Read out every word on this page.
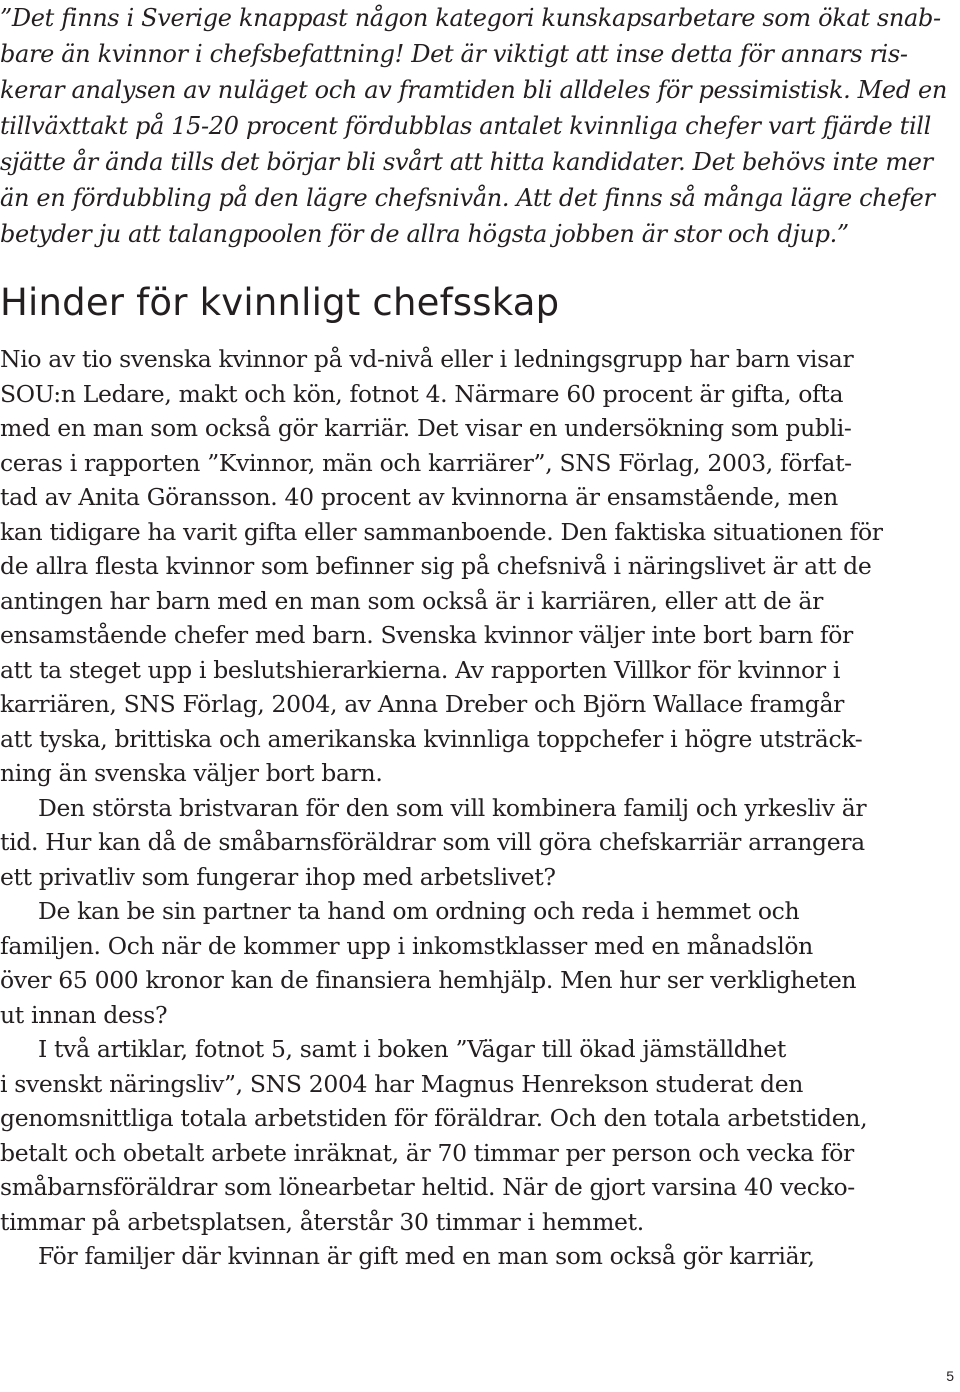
”Det finns i Sverige knappast någon kategori kunskapsarbetare som ökat snab-
bare än kvinnor i chefsbefattning! Det är viktigt att inse detta för annars ris-
kerar analysen av nuläget och av framtiden bli alldeles för pessimistisk. Med en
tillväxttakt på 15-20 procent fördubblas antalet kvinnliga chefer vart fjärde till
sjätte år ända tills det börjar bli svårt att hitta kandidater. Det behövs inte mer
än en fördubbling på den lägre chefsnivån. Att det finns så många lägre chefer
betyder ju att talangpoolen för de allra högsta jobben är stor och djup.”
Hinder för kvinnligt chefsskap
Nio av tio svenska kvinnor på vd-nivå eller i ledningsgrupp har barn visar
SOU:n Ledare, makt och kön, fotnot 4. Närmare 60 procent är gifta, ofta
med en man som också gör karriär. Det visar en undersökning som publi-
ceras i rapporten ”Kvinnor, män och karriärer”, SNS Förlag, 2003, förfat-
tad av Anita Göransson. 40 procent av kvinnorna är ensamstående, men
kan tidigare ha varit gifta eller sammanboende. Den faktiska situationen för
de allra flesta kvinnor som befinner sig på chefsnivå i näringslivet är att de
antingen har barn med en man som också är i karriären, eller att de är
ensamstående chefer med barn. Svenska kvinnor väljer inte bort barn för
att ta steget upp i beslutshierarkierna. Av rapporten Villkor för kvinnor i
karriären, SNS Förlag, 2004, av Anna Dreber och Björn Wallace framgår
att tyska, brittiska och amerikanska kvinnliga toppchefer i högre utsträck-
ning än svenska väljer bort barn.
Den största bristvaran för den som vill kombinera familj och yrkesliv är
tid. Hur kan då de småbarnsföräldrar som vill göra chefskarriär arrangera
ett privatliv som fungerar ihop med arbetslivet?
De kan be sin partner ta hand om ordning och reda i hemmet och
familjen. Och när de kommer upp i inkomstklasser med en månadslön
över 65 000 kronor kan de finansiera hemhjälp. Men hur ser verkligheten
ut innan dess?
I två artiklar, fotnot 5, samt i boken ”Vägar till ökad jämställdhet
i svenskt näringsliv”, SNS 2004 har Magnus Henrekson studerat den
genomsnittliga totala arbetstiden för föräldrar. Och den totala arbetstiden,
betalt och obetalt arbete inräknat, är 70 timmar per person och vecka för
småbarnsföräldrar som lönearbetar heltid. När de gjort varsina 40 vecko-
timmar på arbetsplatsen, återstår 30 timmar i hemmet.
För familjer där kvinnan är gift med en man som också gör karriär,
5
